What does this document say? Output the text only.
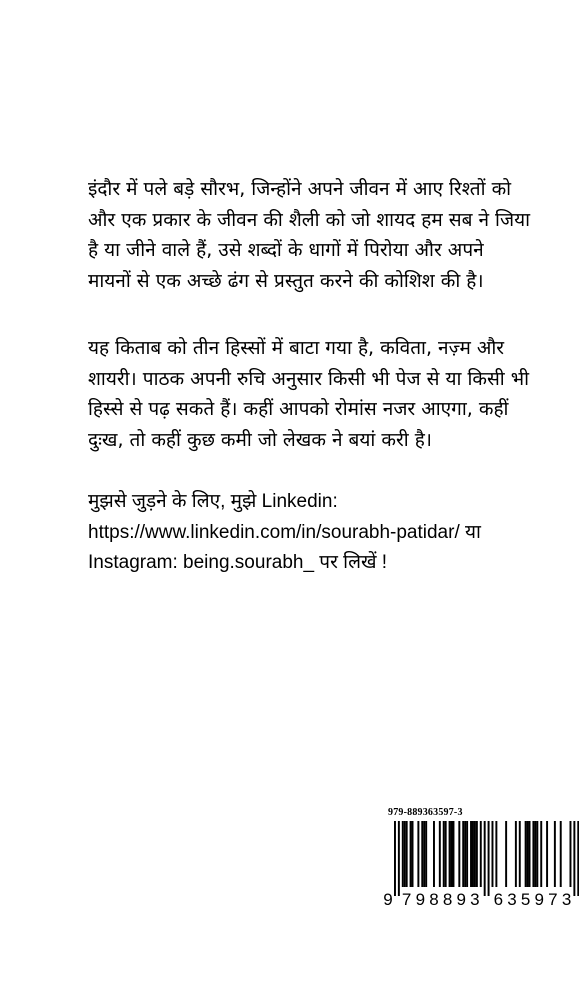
इंदौर में पले बड़े सौरभ, जिन्होंने अपने जीवन में आए रिश्तों को
और एक प्रकार के जीवन की शैली को जो शायद हम सब ने जिया
है या जीने वाले हैं, उसे शब्दों के धागों में पिरोया और अपने
मायनों से एक अच्छे ढंग से प्रस्तुत करने की कोशिश की है।
यह किताब को तीन हिस्सों में बाटा गया है, कविता, नज़्म और
शायरी। पाठक अपनी रुचि अनुसार किसी भी पेज से या किसी भी
हिस्से से पढ़ सकते हैं। कहीं आपको रोमांस नजर आएगा, कहीं
दुःख, तो कहीं कुछ कमी जो लेखक ने बयां करी है।
मुझसे जुड़ने के लिए, मुझे Linkedin:
https://www.linkedin.com/in/sourabh-patidar/ या
Instagram: being.sourabh_ पर लिखें !
979-889363597-3
9 7 9 8 8 9 3 6 3 5 9 7 3
